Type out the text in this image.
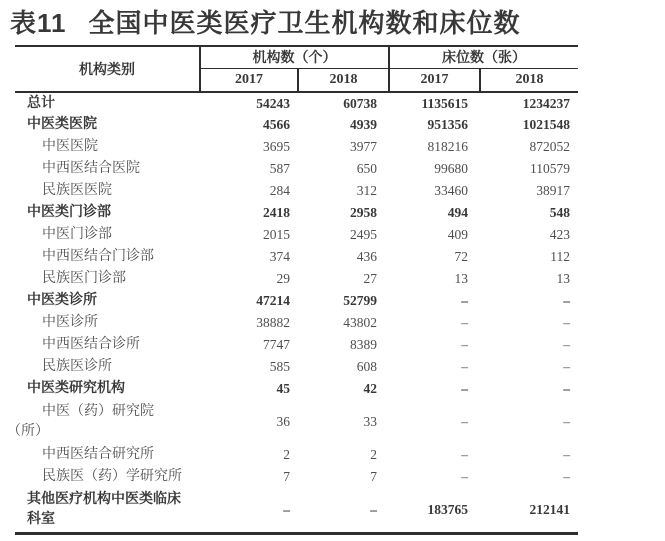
表11 全国中医类医疗卫生机构数和床位数
机构类别	机构数（个）		床位数（张）	
	2017	2018	2017	2018

总计	54243	60738	1135615	1234237

中医类医院	4566	4939	951356	1021548

中医医院	3695	3977	818216	872052

中西医结合医院	587	650	99680	110579

民族医医院	284	312	33460	38917

中医类门诊部	2418	2958	494	548

中医门诊部	2015	2495	409	423

中西医结合门诊部	374	436	72	112

民族医门诊部	29	27	13	13

中医类诊所	47214	52799	–	–

中医诊所	38882	43802	–	–

中西医结合诊所	7747	8389	–	–

民族医诊所	585	608	–	–

中医类研究机构	45	42	–	–

中医（药）研究院
（所）	36	33	–	–

中西医结合研究所	2	2	–	–

民族医（药）学研究所	7	7	–	–

其他医疗机构中医类临床
科室	–	–	183765	212141
